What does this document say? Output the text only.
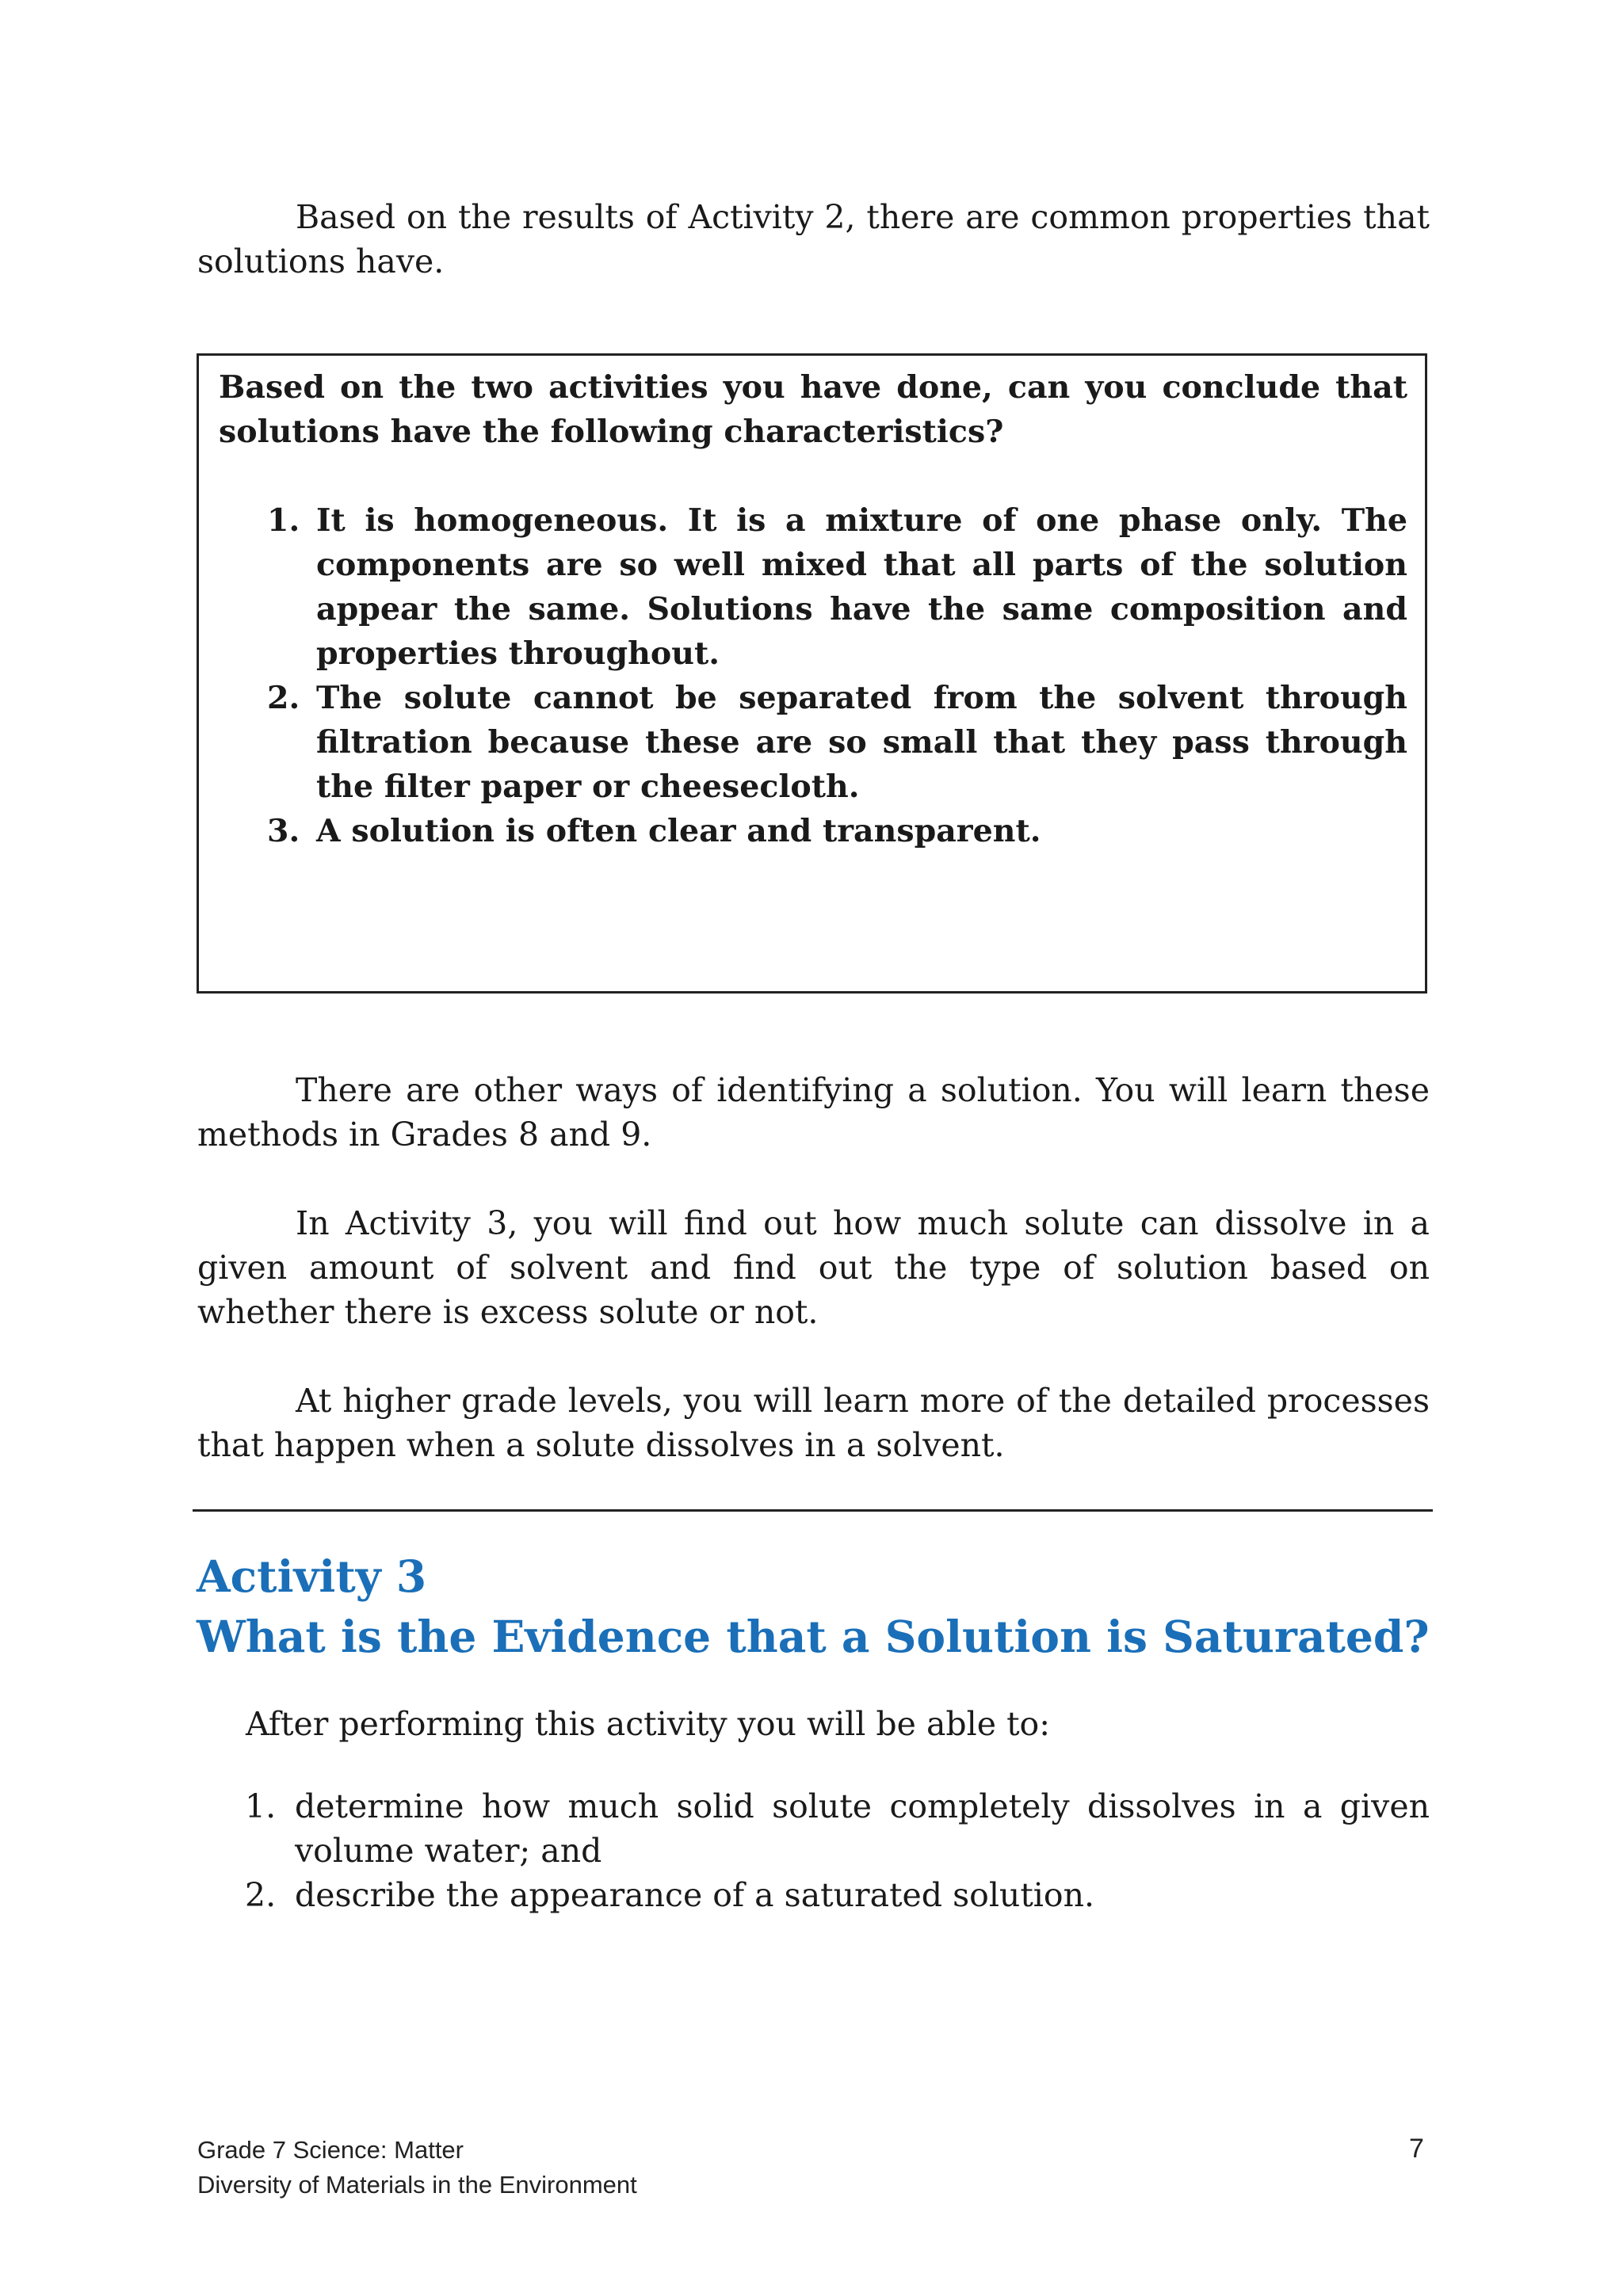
Based on the results of Activity 2, there are common properties that solutions have.

Based on the two activities you have done, can you conclude that solutions have the following characteristics?

1. It is homogeneous. It is a mixture of one phase only. The components are so well mixed that all parts of the solution appear the same. Solutions have the same composition and properties throughout.
2. The solute cannot be separated from the solvent through filtration because these are so small that they pass through the filter paper or cheesecloth.
3. A solution is often clear and transparent.

There are other ways of identifying a solution. You will learn these methods in Grades 8 and 9.

In Activity 3, you will find out how much solute can dissolve in a given amount of solvent and find out the type of solution based on whether there is excess solute or not.

At higher grade levels, you will learn more of the detailed processes that happen when a solute dissolves in a solvent.

Activity 3
What is the Evidence that a Solution is Saturated?

After performing this activity you will be able to:

1. determine how much solid solute completely dissolves in a given volume water; and
2. describe the appearance of a saturated solution.

Grade 7 Science: Matter

Diversity of Materials in the Environment

7
